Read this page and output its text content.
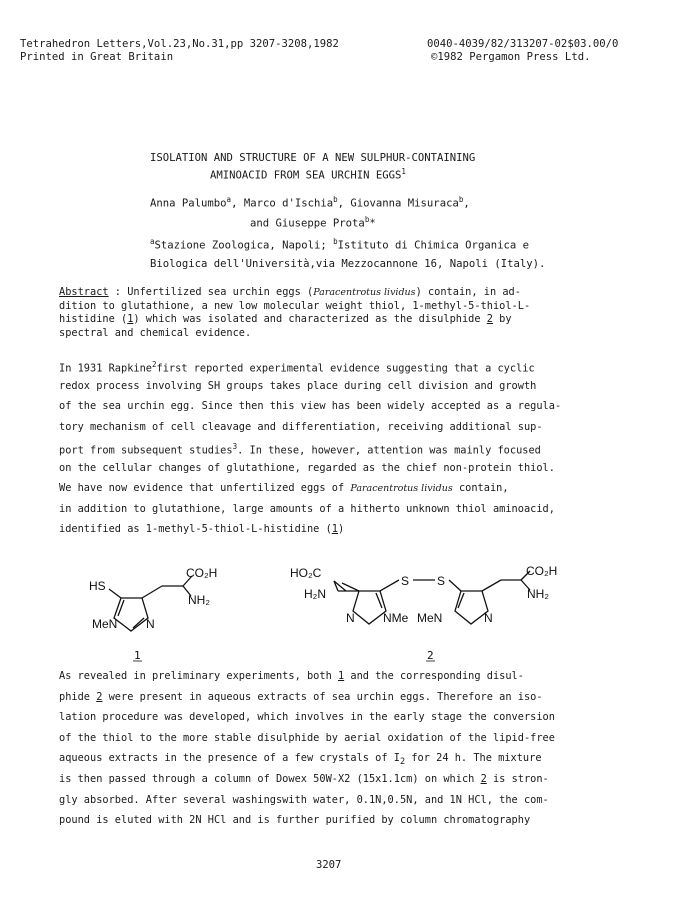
Tetrahedron Letters,Vol.23,No.31,pp 3207-3208,1982	0040-4039/82/313207-02$03.00/0
Printed in Great Britain	©1982 Pergamon Press Ltd.
ISOLATION AND STRUCTURE OF A NEW SULPHUR-CONTAINING
AMINOACID FROM SEA URCHIN EGGS$^1$
Anna Palumbo$^a$, Marco d'Ischia$^b$, Giovanna Misuraca$^b$,
and Giuseppe Prota$^b$*
$^a$Stazione Zoologica, Napoli; $^b$Istituto di Chimica Organica e
Biologica dell'Università,via Mezzocannone 16, Napoli (Italy).

Abstract : Unfertilized sea urchin eggs (Paracentrotus lividus) contain, in ad-

dition to glutathione, a new low molecular weight thiol, 1-methyl-5-thiol-L-

histidine (1) which was isolated and characterized as the disulphide 2 by

spectral and chemical evidence.

In 1931 Rapkine$^2$first reported experimental evidence suggesting that a cyclic

redox process involving SH groups takes place during cell division and growth

of the sea urchin egg. Since then this view has been widely accepted as a regula-

tory mechanism of cell cleavage and differentiation, receiving additional sup-

port from subsequent studies$^3$. In these, however, attention was mainly focused

on the cellular changes of glutathione, regarded as the chief non-protein thiol.

We have now evidence that unfertilized eggs of Paracentrotus lividus contain,

in addition to glutathione, large amounts of a hitherto unknown thiol aminoacid,

identified as 1-methyl-5-thiol-L-histidine (1)

HS
CO₂H
NH₂
MeN N
1
HO₂C
H₂N
S S
N NMe MeN	N
CO₂H
NH₂
2

As revealed in preliminary experiments, both 1 and the corresponding disul-

phide 2 were present in aqueous extracts of sea urchin eggs. Therefore an iso-

lation procedure was developed, which involves in the early stage the conversion

of the thiol to the more stable disulphide by aerial oxidation of the lipid-free

aqueous extracts in the presence of a few crystals of $I_2$ for 24 h. The mixture

is then passed through a column of Dowex 50W-X2 (15x1.1cm) on which 2 is stron-

gly absorbed. After several washingswith water, 0.1N,0.5N, and 1N HCl, the com-

pound is eluted with 2N HCl and is further purified by column chromatography

3207
